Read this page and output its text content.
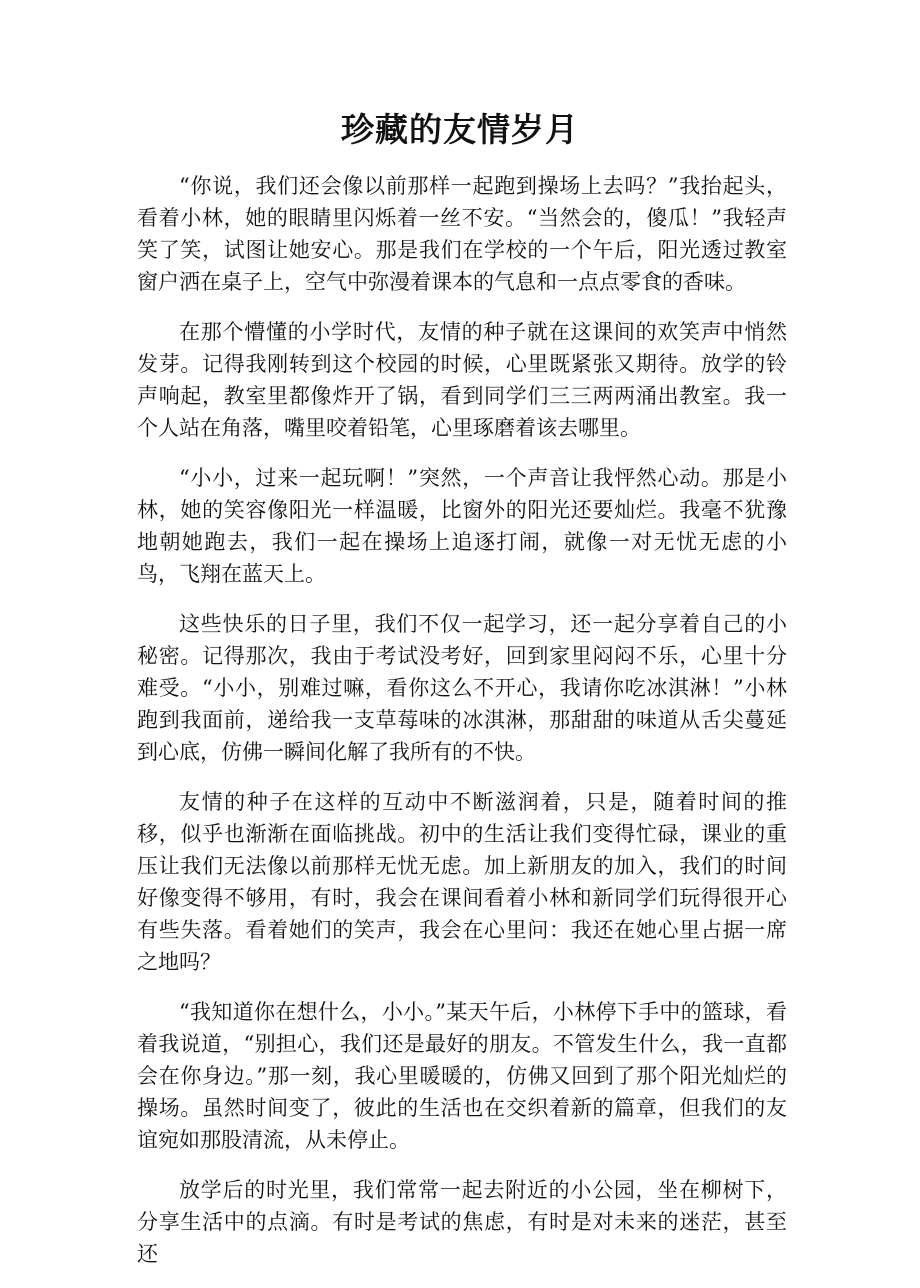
珍藏的友情岁月

“你说，我们还会像以前那样一起跑到操场上去吗？”我抬起头，看着小林，她的眼睛里闪烁着一丝不安。“当然会的，傻瓜！”我轻声笑了笑，试图让她安心。那是我们在学校的一个午后，阳光透过教室窗户洒在桌子上，空气中弥漫着课本的气息和一点点零食的香味。

在那个懵懂的小学时代，友情的种子就在这课间的欢笑声中悄然发芽。记得我刚转到这个校园的时候，心里既紧张又期待。放学的铃声响起，教室里都像炸开了锅，看到同学们三三两两涌出教室。我一个人站在角落，嘴里咬着铅笔，心里琢磨着该去哪里。

“小小，过来一起玩啊！”突然，一个声音让我怦然心动。那是小林，她的笑容像阳光一样温暖，比窗外的阳光还要灿烂。我毫不犹豫地朝她跑去，我们一起在操场上追逐打闹，就像一对无忧无虑的小鸟，飞翔在蓝天上。

这些快乐的日子里，我们不仅一起学习，还一起分享着自己的小秘密。记得那次，我由于考试没考好，回到家里闷闷不乐，心里十分难受。“小小，别难过嘛，看你这么不开心，我请你吃冰淇淋！”小林跑到我面前，递给我一支草莓味的冰淇淋，那甜甜的味道从舌尖蔓延到心底，仿佛一瞬间化解了我所有的不快。

友情的种子在这样的互动中不断滋润着，只是，随着时间的推移，似乎也渐渐在面临挑战。初中的生活让我们变得忙碌，课业的重压让我们无法像以前那样无忧无虑。加上新朋友的加入，我们的时间好像变得不够用，有时，我会在课间看着小林和新同学们玩得很开心有些失落。看着她们的笑声，我会在心里问：我还在她心里占据一席之地吗？

“我知道你在想什么，小小。”某天午后，小林停下手中的篮球，看着我说道，“别担心，我们还是最好的朋友。不管发生什么，我一直都会在你身边。”那一刻，我心里暖暖的，仿佛又回到了那个阳光灿烂的操场。虽然时间变了，彼此的生活也在交织着新的篇章，但我们的友谊宛如那股清流，从未停止。

放学后的时光里，我们常常一起去附近的小公园，坐在柳树下，分享生活中的点滴。有时是考试的焦虑，有时是对未来的迷茫，甚至还
